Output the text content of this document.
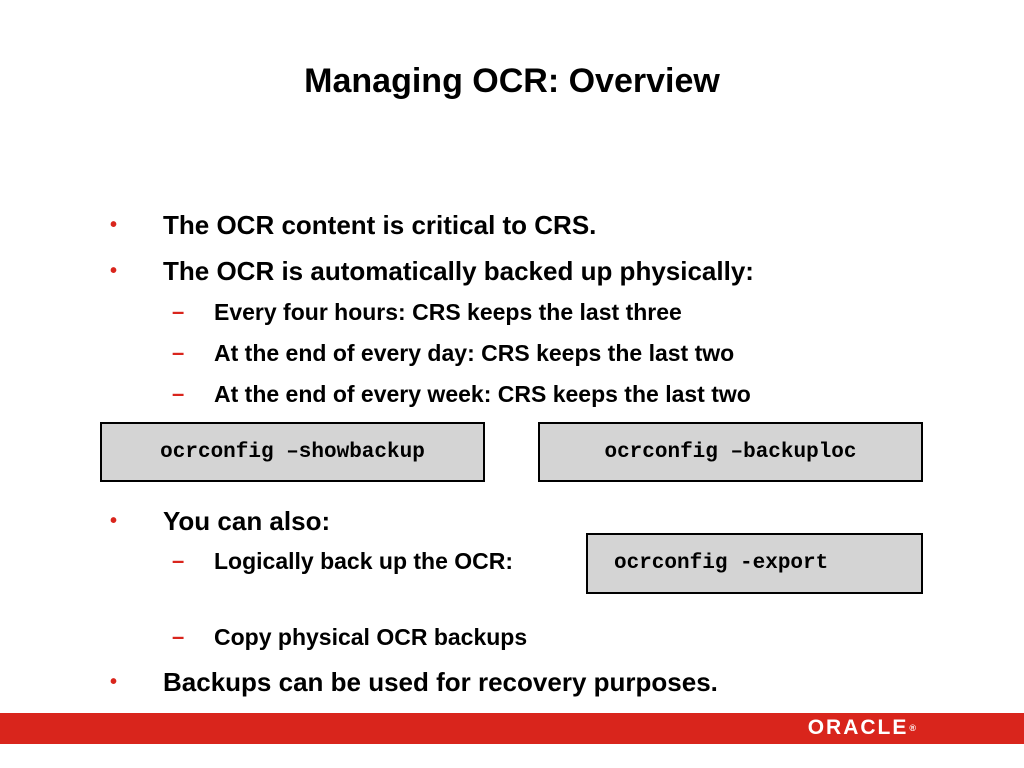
Managing OCR: Overview
• The OCR content is critical to CRS.
• The OCR is automatically backed up physically:
– Every four hours: CRS keeps the last three
– At the end of every day: CRS keeps the last two
– At the end of every week: CRS keeps the last two
ocrconfig –showbackup	ocrconfig –backuploc
• You can also:
– Logically back up the OCR:	ocrconfig -export
– Copy physical OCR backups
• Backups can be used for recovery purposes.
ORACLE®
